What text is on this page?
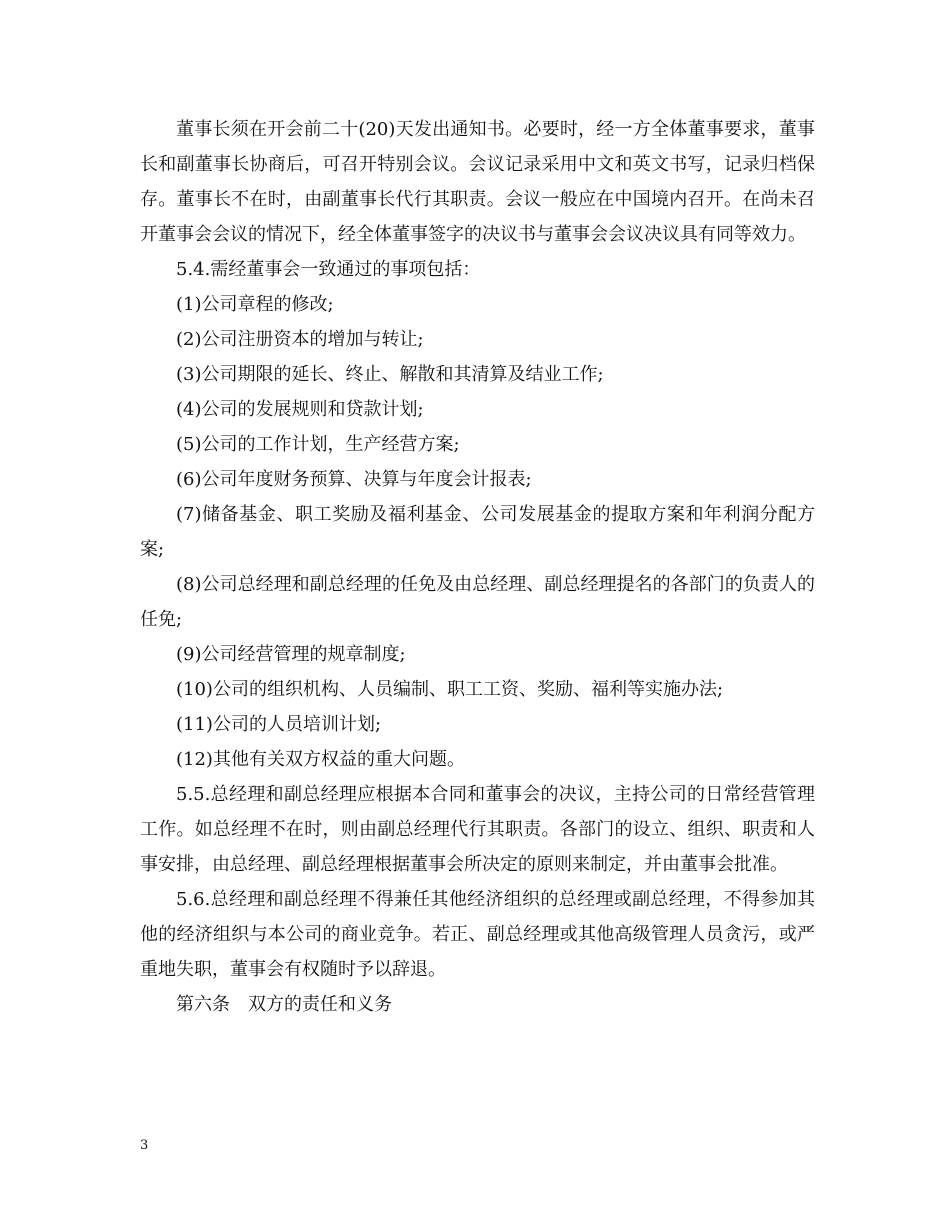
董事长须在开会前二十(20)天发出通知书。必要时，经一方全体董事要求，董事长和副董事长协商后，可召开特别会议。会议记录采用中文和英文书写，记录归档保存。董事长不在时，由副董事长代行其职责。会议一般应在中国境内召开。在尚未召开董事会会议的情况下，经全体董事签字的决议书与董事会会议决议具有同等效力。

5.4.需经董事会一致通过的事项包括：

(1)公司章程的修改;

(2)公司注册资本的增加与转让;

(3)公司期限的延长、终止、解散和其清算及结业工作;

(4)公司的发展规则和贷款计划;

(5)公司的工作计划，生产经营方案;

(6)公司年度财务预算、决算与年度会计报表;

(7)储备基金、职工奖励及福利基金、公司发展基金的提取方案和年利润分配方案;

(8)公司总经理和副总经理的任免及由总经理、副总经理提名的各部门的负责人的任免;

(9)公司经营管理的规章制度;

(10)公司的组织机构、人员编制、职工工资、奖励、福利等实施办法;

(11)公司的人员培训计划;

(12)其他有关双方权益的重大问题。

5.5.总经理和副总经理应根据本合同和董事会的决议，主持公司的日常经营管理工作。如总经理不在时，则由副总经理代行其职责。各部门的设立、组织、职责和人事安排，由总经理、副总经理根据董事会所决定的原则来制定，并由董事会批准。

5.6.总经理和副总经理不得兼任其他经济组织的总经理或副总经理，不得参加其他的经济组织与本公司的商业竞争。若正、副总经理或其他高级管理人员贪污，或严重地失职，董事会有权随时予以辞退。

第六条　双方的责任和义务

3
